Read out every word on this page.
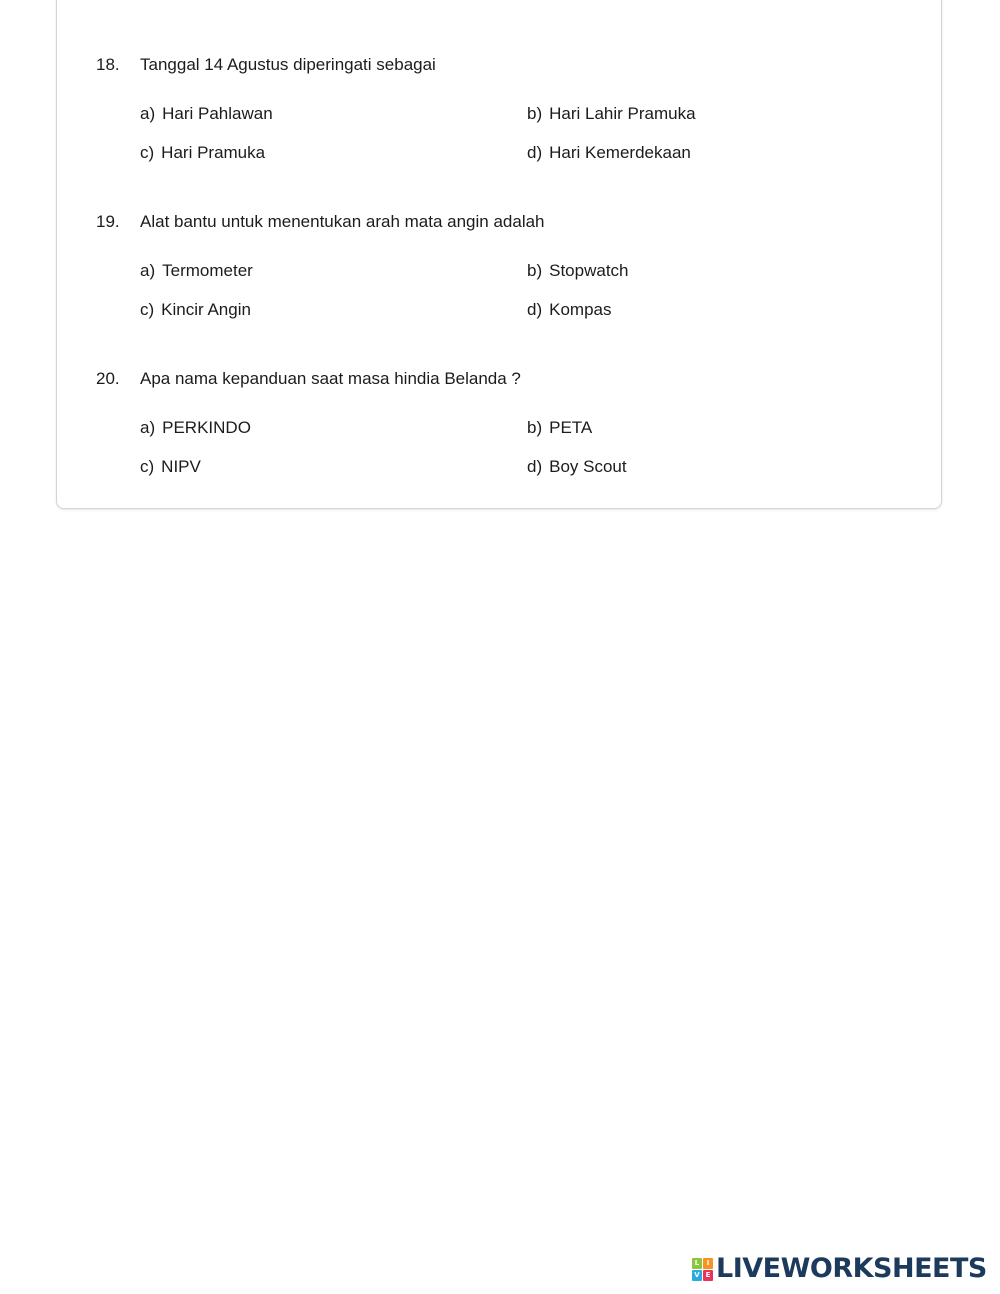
18. Tanggal 14 Agustus diperingati sebagai
a) Hari Pahlawan	b) Hari Lahir Pramuka
c) Hari Pramuka	d) Hari Kemerdekaan
19. Alat bantu untuk menentukan arah mata angin adalah
a) Termometer	b) Stopwatch
c) Kincir Angin	d) Kompas
20. Apa nama kepanduan saat masa hindia Belanda ?
a) PERKINDO	b) PETA
c) NIPV	d) Boy Scout
L	I
V E LIVEWORKSHEETS
